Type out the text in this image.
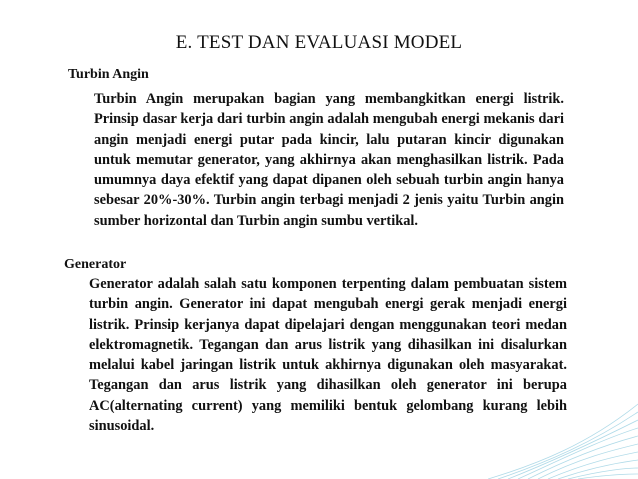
E. TEST DAN EVALUASI MODEL
Turbin Angin
Turbin Angin merupakan bagian yang membangkitkan energi listrik. Prinsip dasar kerja dari turbin angin adalah mengubah energi mekanis dari angin menjadi energi putar pada kincir, lalu putaran kincir digunakan untuk memutar generator, yang akhirnya akan menghasilkan listrik. Pada umumnya daya efektif yang dapat dipanen oleh sebuah turbin angin hanya sebesar 20%-30%. Turbin angin terbagi menjadi 2 jenis yaitu Turbin angin sumber horizontal dan Turbin angin sumbu vertikal.
Generator
Generator adalah salah satu komponen terpenting dalam pembuatan sistem turbin angin. Generator ini dapat mengubah energi gerak menjadi energi listrik. Prinsip kerjanya dapat dipelajari dengan menggunakan teori medan elektromagnetik. Tegangan dan arus listrik yang dihasilkan ini disalurkan melalui kabel jaringan listrik untuk akhirnya digunakan oleh masyarakat. Tegangan dan arus listrik yang dihasilkan oleh generator ini berupa AC(alternating current) yang memiliki bentuk gelombang kurang lebih sinusoidal.
